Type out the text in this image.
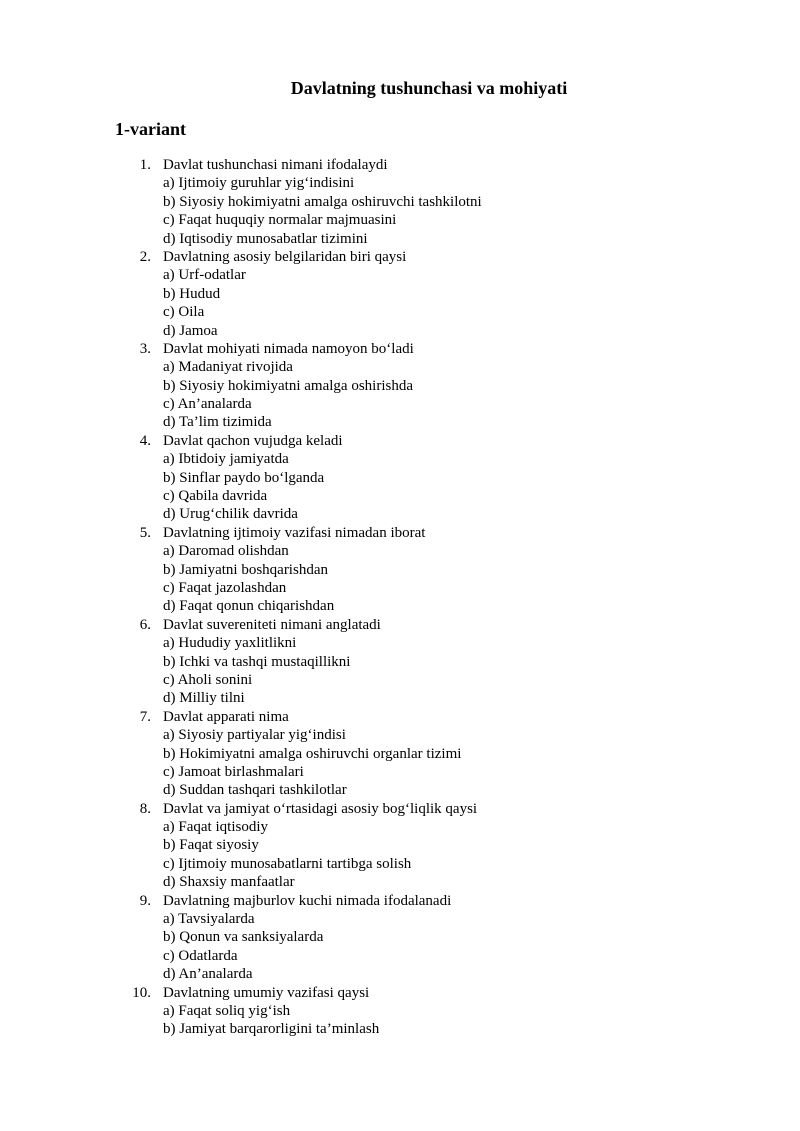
Davlatning tushunchasi va mohiyati
1-variant
1. Davlat tushunchasi nimani ifodalaydi
a) Ijtimoiy guruhlar yig‘indisini
b) Siyosiy hokimiyatni amalga oshiruvchi tashkilotni
c) Faqat huquqiy normalar majmuasini
d) Iqtisodiy munosabatlar tizimini
2. Davlatning asosiy belgilaridan biri qaysi
a) Urf-odatlar
b) Hudud
c) Oila
d) Jamoa
3. Davlat mohiyati nimada namoyon bo‘ladi
a) Madaniyat rivojida
b) Siyosiy hokimiyatni amalga oshirishda
c) An’analarda
d) Ta’lim tizimida
4. Davlat qachon vujudga keladi
a) Ibtidoiy jamiyatda
b) Sinflar paydo bo‘lganda
c) Qabila davrida
d) Urug‘chilik davrida
5. Davlatning ijtimoiy vazifasi nimadan iborat
a) Daromad olishdan
b) Jamiyatni boshqarishdan
c) Faqat jazolashdan
d) Faqat qonun chiqarishdan
6. Davlat suvereniteti nimani anglatadi
a) Hududiy yaxlitlikni
b) Ichki va tashqi mustaqillikni
c) Aholi sonini
d) Milliy tilni
7. Davlat apparati nima
a) Siyosiy partiyalar yig‘indisi
b) Hokimiyatni amalga oshiruvchi organlar tizimi
c) Jamoat birlashmalari
d) Suddan tashqari tashkilotlar
8. Davlat va jamiyat o‘rtasidagi asosiy bog‘liqlik qaysi
a) Faqat iqtisodiy
b) Faqat siyosiy
c) Ijtimoiy munosabatlarni tartibga solish
d) Shaxsiy manfaatlar
9. Davlatning majburlov kuchi nimada ifodalanadi
a) Tavsiyalarda
b) Qonun va sanksiyalarda
c) Odatlarda
d) An’analarda
10. Davlatning umumiy vazifasi qaysi
a) Faqat soliq yig‘ish
b) Jamiyat barqarorligini ta’minlash
